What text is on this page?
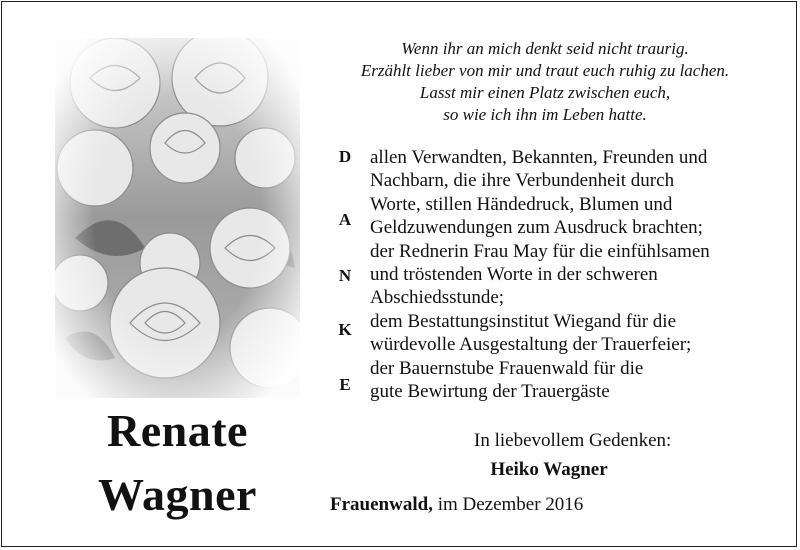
Renate
Wagner
Wenn ihr an mich denkt seid nicht traurig.
Erzählt lieber von mir und traut euch ruhig zu lachen.
Lasst mir einen Platz zwischen euch,
so wie ich ihn im Leben hatte.
D
A
N
K
E
allen Verwandten, Bekannten, Freunden und
Nachbarn, die ihre Verbundenheit durch
Worte, stillen Händedruck, Blumen und
Geldzuwendungen zum Ausdruck brachten;
der Rednerin Frau May für die einfühlsamen
und tröstenden Worte in der schweren
Abschiedsstunde;
dem Bestattungsinstitut Wiegand für die
würdevolle Ausgestaltung der Trauerfeier;
der Bauernstube Frauenwald für die
gute Bewirtung der Trauergäste
In liebevollem Gedenken:
Heiko Wagner
Frauenwald, im Dezember 2016
